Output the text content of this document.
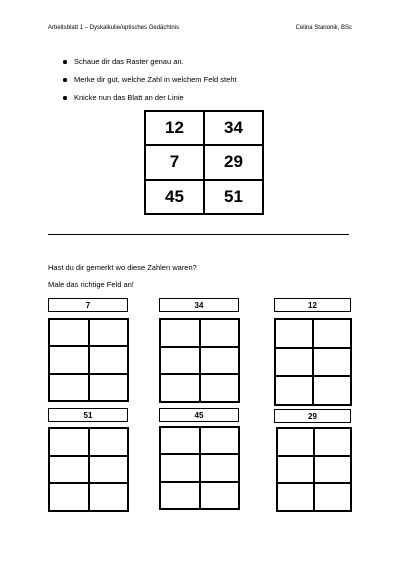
Arbeitsblatt 1 – Dyskalkulie/optisches Gedächtnis	Celina Stanonik, BSc
Schaue dir das Raster genau an.
Merke dir gut, welche Zahl in welchem Feld steht
Knicke nun das Blatt an der Linie
12	34
7	29
45	51
Hast du dir gemerkt wo diese Zahlen waren?
Male das richtige Feld an!
7	34	12
51	45	29
